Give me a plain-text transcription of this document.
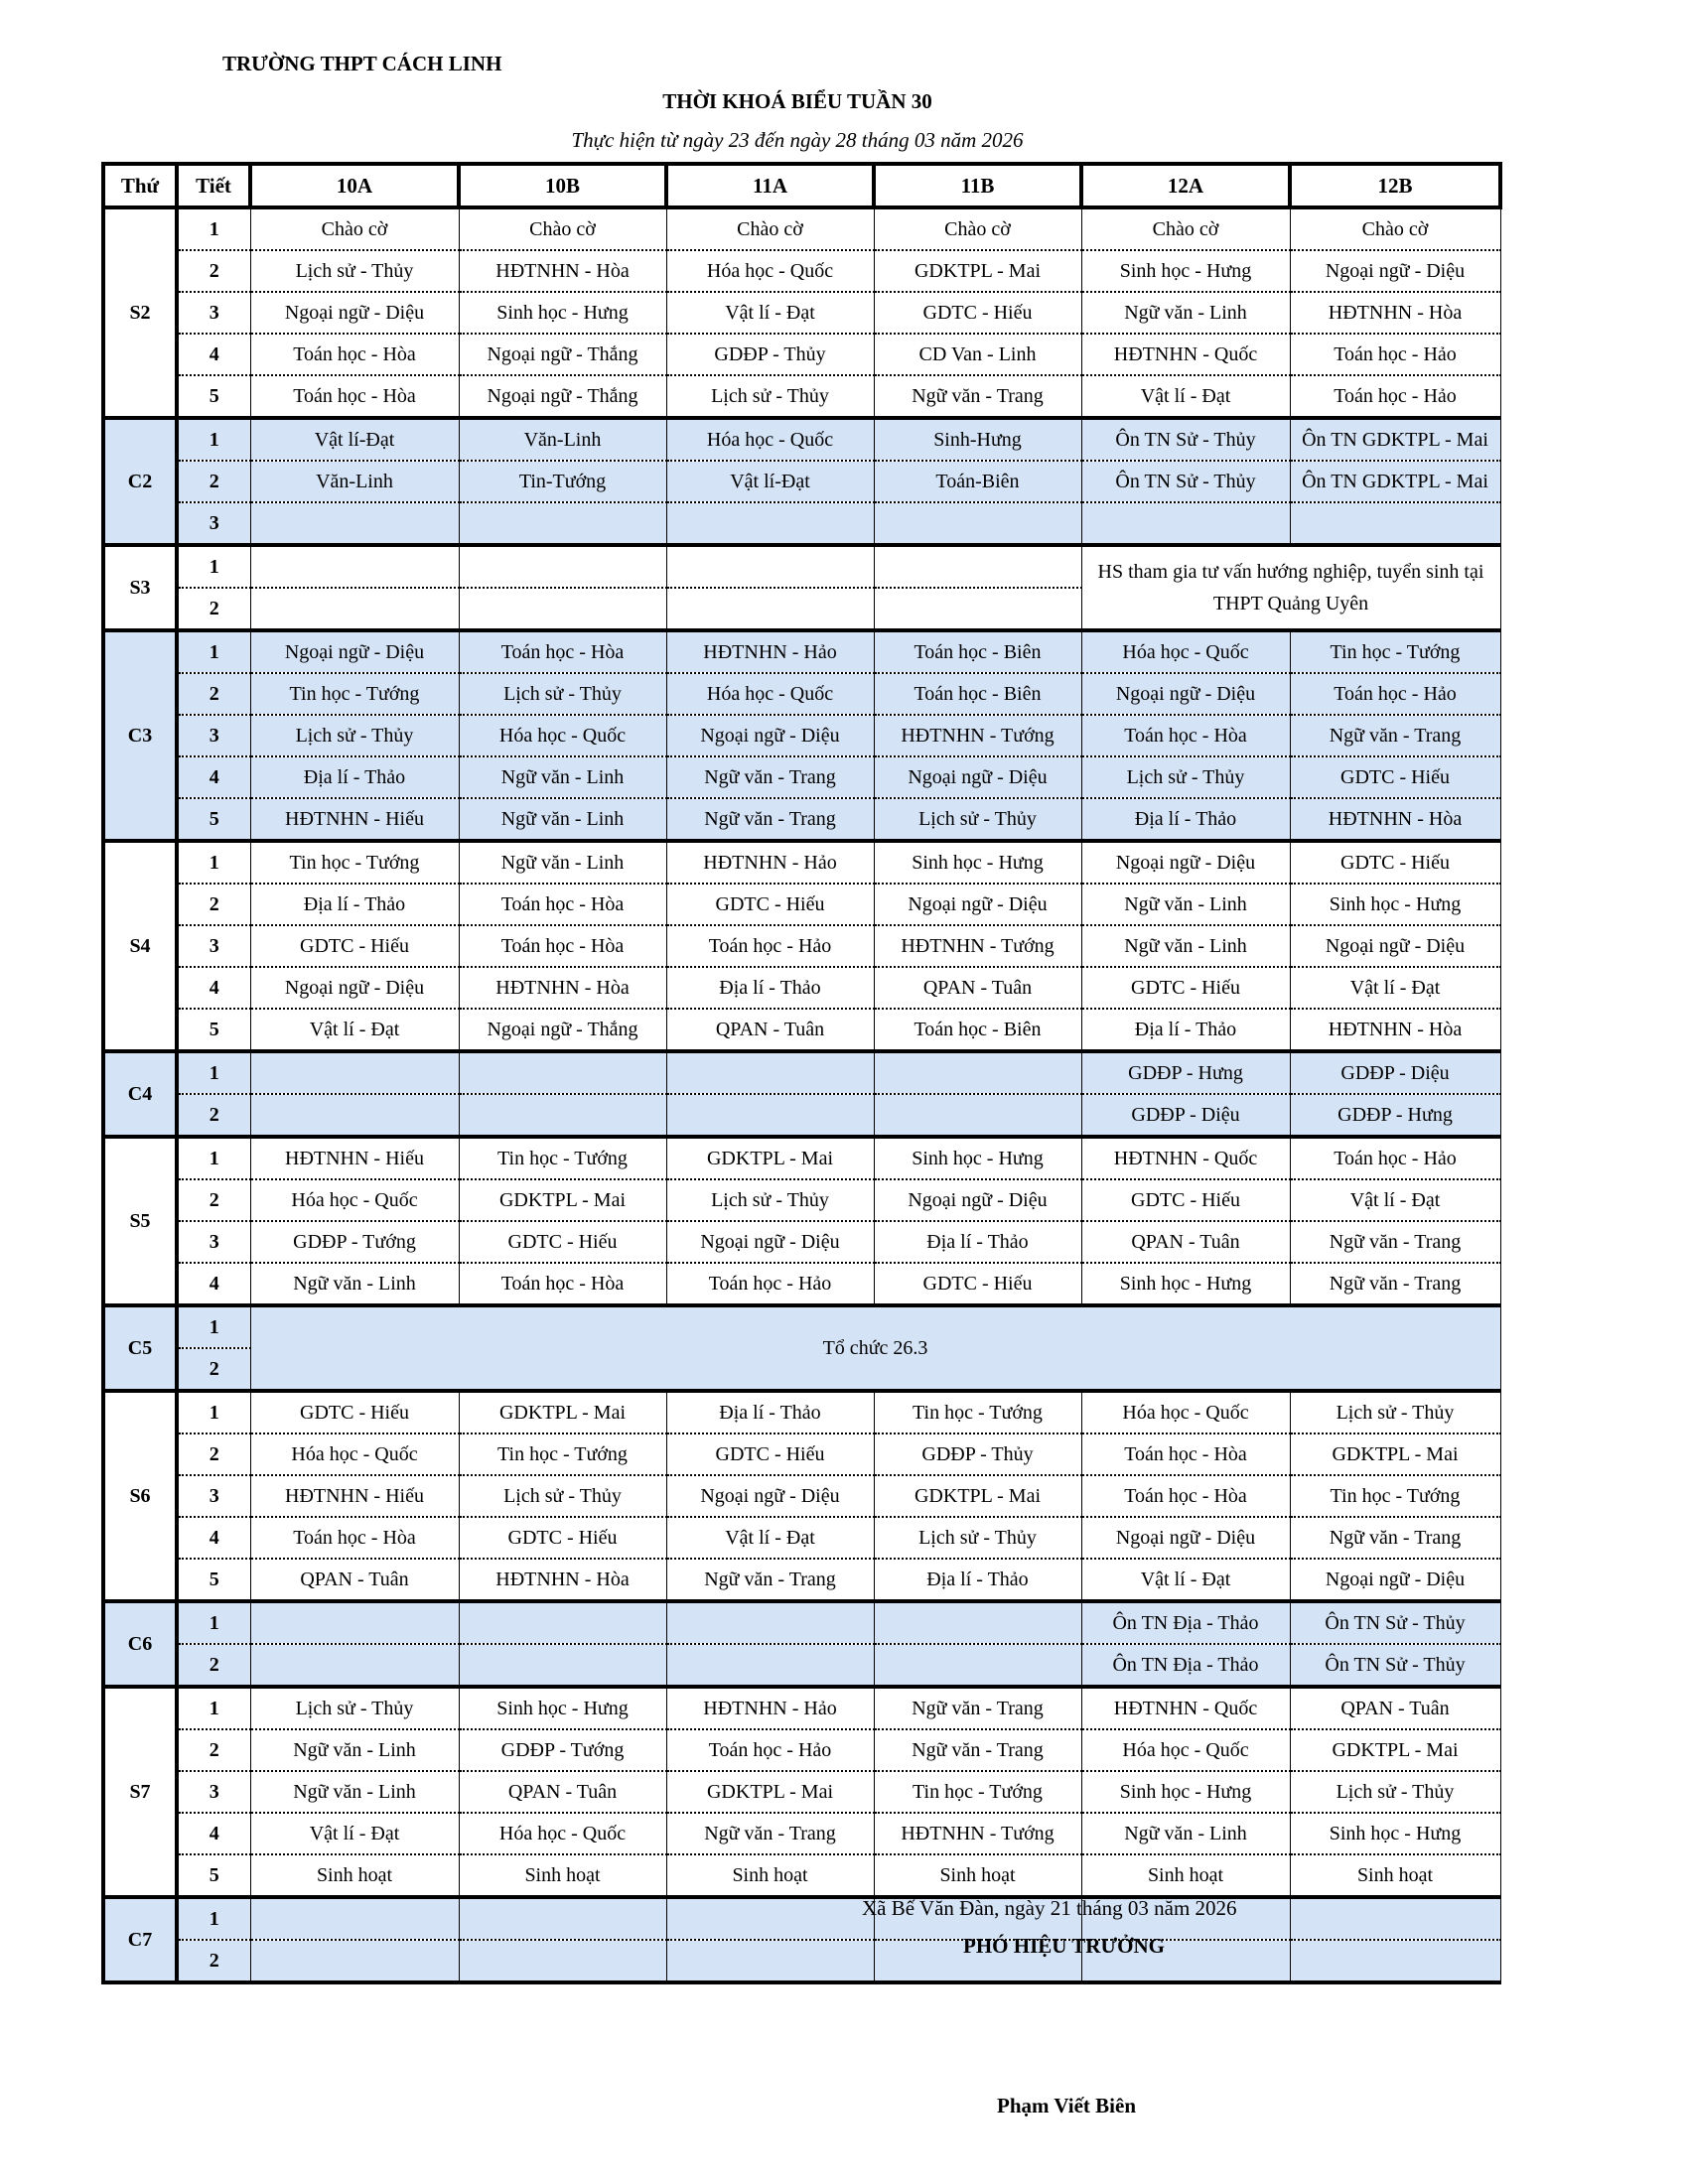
TRƯỜNG THPT CÁCH LINH
THỜI KHOÁ BIỂU TUẦN 30
Thực hiện từ ngày 23 đến ngày 28 tháng 03 năm 2026
Thứ	Tiết	10A	10B	11A	11B	12A	12B
S2	1	Chào cờ	Chào cờ	Chào cờ	Chào cờ	Chào cờ	Chào cờ
	2	Lịch sử - Thủy	HĐTNHN - Hòa	Hóa học - Quốc	GDKTPL - Mai	Sinh học - Hưng	Ngoại ngữ - Diệu
	3	Ngoại ngữ - Diệu	Sinh học - Hưng	Vật lí - Đạt	GDTC - Hiếu	Ngữ văn - Linh	HĐTNHN - Hòa
	4	Toán học - Hòa	Ngoại ngữ - Thắng	GDĐP - Thủy	CD Van - Linh	HĐTNHN - Quốc	Toán học - Hảo
	5	Toán học - Hòa	Ngoại ngữ - Thắng	Lịch sử - Thủy	Ngữ văn - Trang	Vật lí - Đạt	Toán học - Hảo
C2	1	Vật lí-Đạt	Văn-Linh	Hóa học - Quốc	Sinh-Hưng	Ôn TN Sử - Thủy	Ôn TN GDKTPL - Mai
	2	Văn-Linh	Tin-Tướng	Vật lí-Đạt	Toán-Biên	Ôn TN Sử - Thủy	Ôn TN GDKTPL - Mai
	3						
S3	1					HS tham gia tư vấn hướng nghiệp, tuyển sinh tại THPT Quảng Uyên	
	2						
C3	1	Ngoại ngữ - Diệu	Toán học - Hòa	HĐTNHN - Hảo	Toán học - Biên	Hóa học - Quốc	Tin học - Tướng
	2	Tin học - Tướng	Lịch sử - Thủy	Hóa học - Quốc	Toán học - Biên	Ngoại ngữ - Diệu	Toán học - Hảo
	3	Lịch sử - Thủy	Hóa học - Quốc	Ngoại ngữ - Diệu	HĐTNHN - Tướng	Toán học - Hòa	Ngữ văn - Trang
	4	Địa lí - Thảo	Ngữ văn - Linh	Ngữ văn - Trang	Ngoại ngữ - Diệu	Lịch sử - Thủy	GDTC - Hiếu
	5	HĐTNHN - Hiếu	Ngữ văn - Linh	Ngữ văn - Trang	Lịch sử - Thủy	Địa lí - Thảo	HĐTNHN - Hòa
S4	1	Tin học - Tướng	Ngữ văn - Linh	HĐTNHN - Hảo	Sinh học - Hưng	Ngoại ngữ - Diệu	GDTC - Hiếu
	2	Địa lí - Thảo	Toán học - Hòa	GDTC - Hiếu	Ngoại ngữ - Diệu	Ngữ văn - Linh	Sinh học - Hưng
	3	GDTC - Hiếu	Toán học - Hòa	Toán học - Hảo	HĐTNHN - Tướng	Ngữ văn - Linh	Ngoại ngữ - Diệu
	4	Ngoại ngữ - Diệu	HĐTNHN - Hòa	Địa lí - Thảo	QPAN - Tuân	GDTC - Hiếu	Vật lí - Đạt
	5	Vật lí - Đạt	Ngoại ngữ - Thắng	QPAN - Tuân	Toán học - Biên	Địa lí - Thảo	HĐTNHN - Hòa
C4	1					GDĐP - Hưng	GDĐP - Diệu
	2					GDĐP - Diệu	GDĐP - Hưng
S5	1	HĐTNHN - Hiếu	Tin học - Tướng	GDKTPL - Mai	Sinh học - Hưng	HĐTNHN - Quốc	Toán học - Hảo
	2	Hóa học - Quốc	GDKTPL - Mai	Lịch sử - Thủy	Ngoại ngữ - Diệu	GDTC - Hiếu	Vật lí - Đạt
	3	GDĐP - Tướng	GDTC - Hiếu	Ngoại ngữ - Diệu	Địa lí - Thảo	QPAN - Tuân	Ngữ văn - Trang
	4	Ngữ văn - Linh	Toán học - Hòa	Toán học - Hảo	GDTC - Hiếu	Sinh học - Hưng	Ngữ văn - Trang
C5	1	Tổ chức 26.3					
	2						
S6	1	GDTC - Hiếu	GDKTPL - Mai	Địa lí - Thảo	Tin học - Tướng	Hóa học - Quốc	Lịch sử - Thủy
	2	Hóa học - Quốc	Tin học - Tướng	GDTC - Hiếu	GDĐP - Thủy	Toán học - Hòa	GDKTPL - Mai
	3	HĐTNHN - Hiếu	Lịch sử - Thủy	Ngoại ngữ - Diệu	GDKTPL - Mai	Toán học - Hòa	Tin học - Tướng
	4	Toán học - Hòa	GDTC - Hiếu	Vật lí - Đạt	Lịch sử - Thủy	Ngoại ngữ - Diệu	Ngữ văn - Trang
	5	QPAN - Tuân	HĐTNHN - Hòa	Ngữ văn - Trang	Địa lí - Thảo	Vật lí - Đạt	Ngoại ngữ - Diệu
C6	1					Ôn TN Địa - Thảo	Ôn TN Sử - Thủy
	2					Ôn TN Địa - Thảo	Ôn TN Sử - Thủy
S7	1	Lịch sử - Thủy	Sinh học - Hưng	HĐTNHN - Hảo	Ngữ văn - Trang	HĐTNHN - Quốc	QPAN - Tuân
	2	Ngữ văn - Linh	GDĐP - Tướng	Toán học - Hảo	Ngữ văn - Trang	Hóa học - Quốc	GDKTPL - Mai
	3	Ngữ văn - Linh	QPAN - Tuân	GDKTPL - Mai	Tin học - Tướng	Sinh học - Hưng	Lịch sử - Thủy
	4	Vật lí - Đạt	Hóa học - Quốc	Ngữ văn - Trang	HĐTNHN - Tướng	Ngữ văn - Linh	Sinh học - Hưng
	5	Sinh hoạt	Sinh hoạt	Sinh hoạt	Sinh hoạt	Sinh hoạt	Sinh hoạt
C7	1						
	2						
Xã Bế Văn Đàn, ngày 21 tháng 03 năm 2026
PHÓ HIỆU TRƯỞNG
Phạm Viết Biên
